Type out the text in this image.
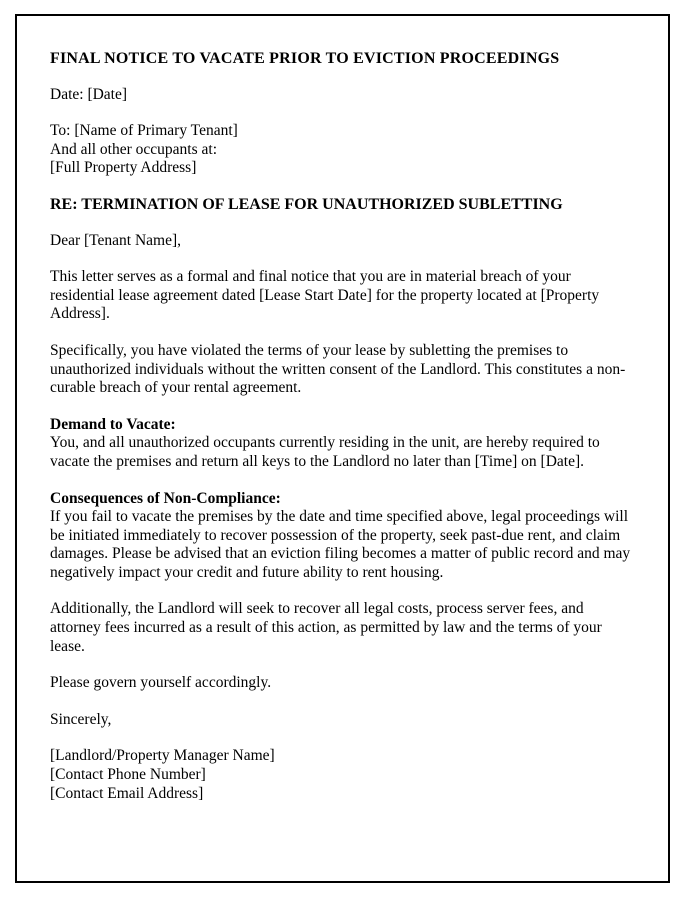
FINAL NOTICE TO VACATE PRIOR TO EVICTION PROCEEDINGS
Date: [Date]
To: [Name of Primary Tenant]
And all other occupants at:
[Full Property Address]
RE: TERMINATION OF LEASE FOR UNAUTHORIZED SUBLETTING
Dear [Tenant Name],
This letter serves as a formal and final notice that you are in material breach of your residential lease agreement dated [Lease Start Date] for the property located at [Property Address].
Specifically, you have violated the terms of your lease by subletting the premises to unauthorized individuals without the written consent of the Landlord. This constitutes a non-curable breach of your rental agreement.
Demand to Vacate:
You, and all unauthorized occupants currently residing in the unit, are hereby required to vacate the premises and return all keys to the Landlord no later than [Time] on [Date].
Consequences of Non-Compliance:
If you fail to vacate the premises by the date and time specified above, legal proceedings will be initiated immediately to recover possession of the property, seek past-due rent, and claim damages. Please be advised that an eviction filing becomes a matter of public record and may negatively impact your credit and future ability to rent housing.
Additionally, the Landlord will seek to recover all legal costs, process server fees, and attorney fees incurred as a result of this action, as permitted by law and the terms of your lease.
Please govern yourself accordingly.
Sincerely,
[Landlord/Property Manager Name]
[Contact Phone Number]
[Contact Email Address]
